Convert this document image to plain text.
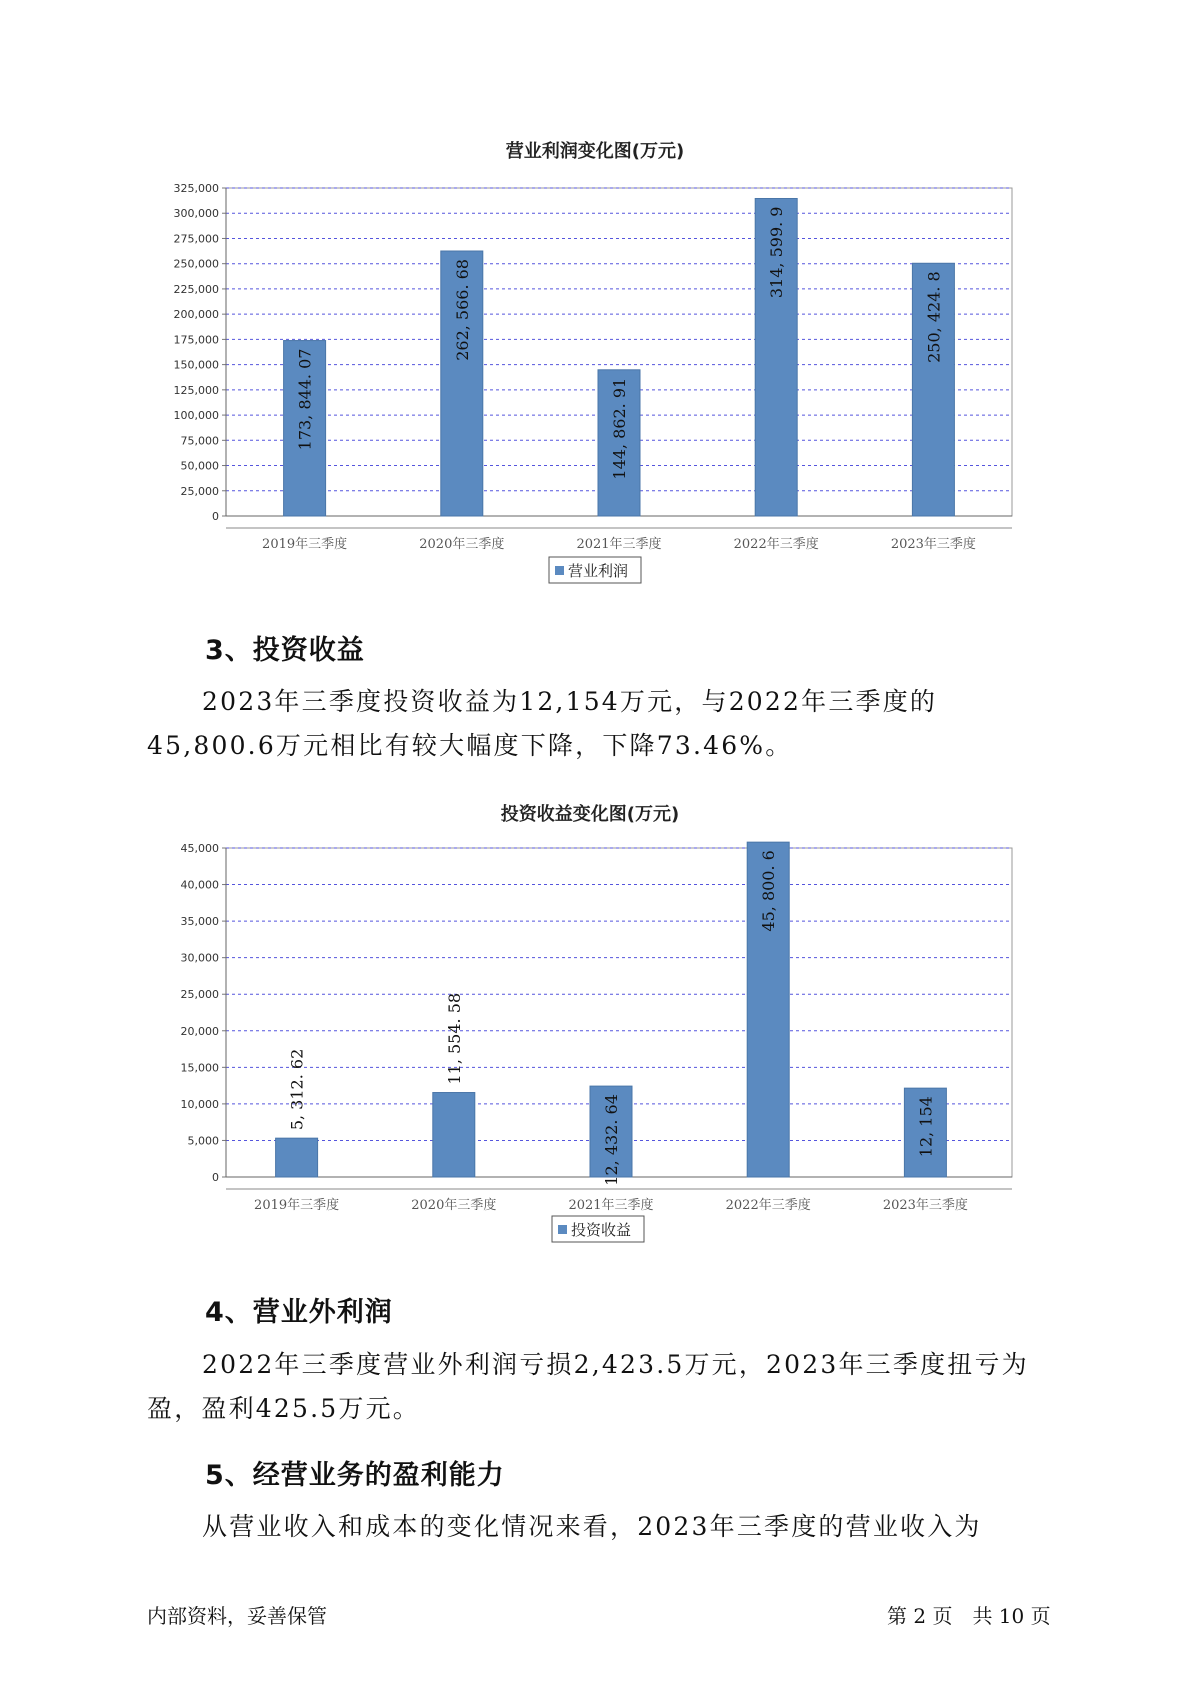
营业利润变化图(万元)
0
25,000
50,000
75,000
100,000
125,000
150,000
175,000
200,000
225,000
250,000
275,000
300,000
325,000
173, 844. 07
2019年三季度
262, 566. 68
2020年三季度
144, 862. 91
2021年三季度
314, 599. 9
2022年三季度
250, 424. 8
2023年三季度
营业利润
3、投资收益

2023年三季度投资收益为12,154万元，与2022年三季度的45,800.6万元相比有较大幅度下降，下降73.46%。

投资收益变化图(万元)
0
5,000
10,000
15,000
20,000
25,000
30,000
35,000
40,000
45,000
5, 312. 62
2019年三季度
11, 554. 58
2020年三季度
12, 432. 64
2021年三季度
45, 800. 6
2022年三季度
12, 154
2023年三季度
投资收益
4、营业外利润

2022年三季度营业外利润亏损2,423.5万元，2023年三季度扭亏为盈，盈利425.5万元。

5、经营业务的盈利能力

从营业收入和成本的变化情况来看，2023年三季度的营业收入为

内部资料，妥善保管	第 2 页　共 10 页
